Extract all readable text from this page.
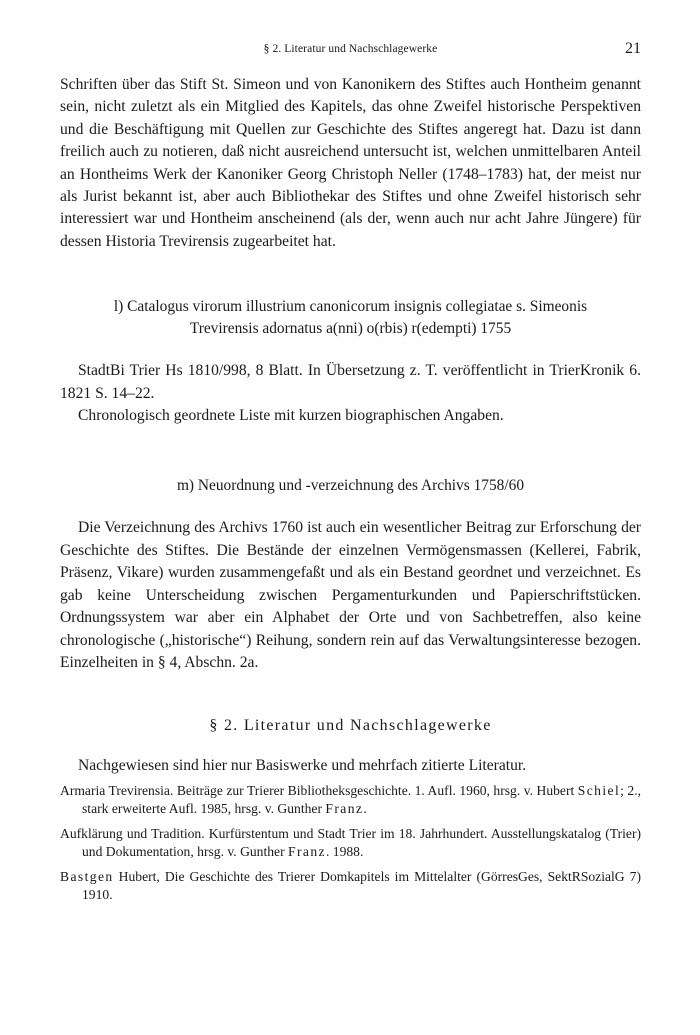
§ 2. Literatur und Nachschlagewerke	21

Schriften über das Stift St. Simeon und von Kanonikern des Stiftes auch Hontheim genannt sein, nicht zuletzt als ein Mitglied des Kapitels, das ohne Zweifel historische Perspektiven und die Beschäftigung mit Quellen zur Geschichte des Stiftes angeregt hat. Dazu ist dann freilich auch zu notieren, daß nicht ausreichend untersucht ist, welchen unmittelbaren Anteil an Hontheims Werk der Kanoniker Georg Christoph Neller (1748–1783) hat, der meist nur als Jurist bekannt ist, aber auch Bibliothekar des Stiftes und ohne Zweifel historisch sehr interessiert war und Hontheim anscheinend (als der, wenn auch nur acht Jahre Jüngere) für dessen Historia Trevirensis zugearbeitet hat.

l) Catalogus virorum illustrium canonicorum insignis collegiatae s. Simeonis
Trevirensis adornatus a(nni) o(rbis) r(edempti) 1755

StadtBi Trier Hs 1810/998, 8 Blatt. In Übersetzung z. T. veröffentlicht in TrierKronik 6. 1821 S. 14–22.

Chronologisch geordnete Liste mit kurzen biographischen Angaben.

m) Neuordnung und -verzeichnung des Archivs 1758/60

Die Verzeichnung des Archivs 1760 ist auch ein wesentlicher Beitrag zur Erforschung der Geschichte des Stiftes. Die Bestände der einzelnen Vermögensmassen (Kellerei, Fabrik, Präsenz, Vikare) wurden zusammengefaßt und als ein Bestand geordnet und verzeichnet. Es gab keine Unterscheidung zwischen Pergamenturkunden und Papierschriftstücken. Ordnungssystem war aber ein Alphabet der Orte und von Sachbetreffen, also keine chronologische („historische“) Reihung, sondern rein auf das Verwaltungsinteresse bezogen. Einzelheiten in § 4, Abschn. 2a.

§ 2. Literatur und Nachschlagewerke

Nachgewiesen sind hier nur Basiswerke und mehrfach zitierte Literatur.

Armaria Trevirensia. Beiträge zur Trierer Bibliotheksgeschichte. 1. Aufl. 1960, hrsg. v. Hubert Schiel; 2., stark erweiterte Aufl. 1985, hrsg. v. Gunther Franz.

Aufklärung und Tradition. Kurfürstentum und Stadt Trier im 18. Jahrhundert. Ausstellungskatalog (Trier) und Dokumentation, hrsg. v. Gunther Franz. 1988.

Bastgen Hubert, Die Geschichte des Trierer Domkapitels im Mittelalter (GörresGes, SektRSozialG 7) 1910.
